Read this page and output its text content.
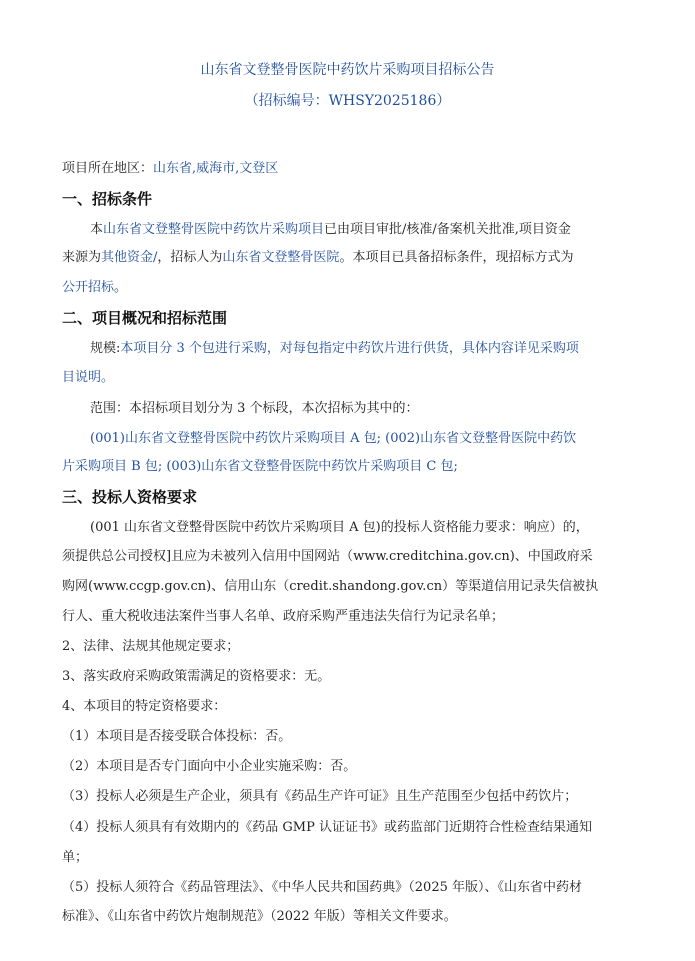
山东省文登整骨医院中药饮片采购项目招标公告
（招标编号：WHSY2025186）
项目所在地区：山东省,威海市,文登区
一、招标条件
本山东省文登整骨医院中药饮片采购项目已由项目审批/核准/备案机关批准,项目资金
来源为其他资金/，招标人为山东省文登整骨医院。本项目已具备招标条件，现招标方式为
公开招标。
二、项目概况和招标范围
规模:本项目分 3 个包进行采购，对每包指定中药饮片进行供货，具体内容详见采购项
目说明。
范围：本招标项目划分为 3 个标段，本次招标为其中的：
(001)山东省文登整骨医院中药饮片采购项目 A 包; (002)山东省文登整骨医院中药饮
片采购项目 B 包; (003)山东省文登整骨医院中药饮片采购项目 C 包;
三、投标人资格要求
(001 山东省文登整骨医院中药饮片采购项目 A 包)的投标人资格能力要求：响应）的，
须提供总公司授权]且应为未被列入信用中国网站（www.creditchina.gov.cn)、中国政府采
购网(www.ccgp.gov.cn)、信用山东（credit.shandong.gov.cn）等渠道信用记录失信被执
行人、重大税收违法案件当事人名单、政府采购严重违法失信行为记录名单；
2、法律、法规其他规定要求；
3、落实政府采购政策需满足的资格要求：无。
4、本项目的特定资格要求：
（1）本项目是否接受联合体投标：否。
（2）本项目是否专门面向中小企业实施采购：否。
（3）投标人必须是生产企业，须具有《药品生产许可证》且生产范围至少包括中药饮片；
（4）投标人须具有有效期内的《药品 GMP 认证证书》或药监部门近期符合性检查结果通知
单；
（5）投标人须符合《药品管理法》、《中华人民共和国药典》（2025 年版）、《山东省中药材
标准》、《山东省中药饮片炮制规范》（2022 年版）等相关文件要求。
